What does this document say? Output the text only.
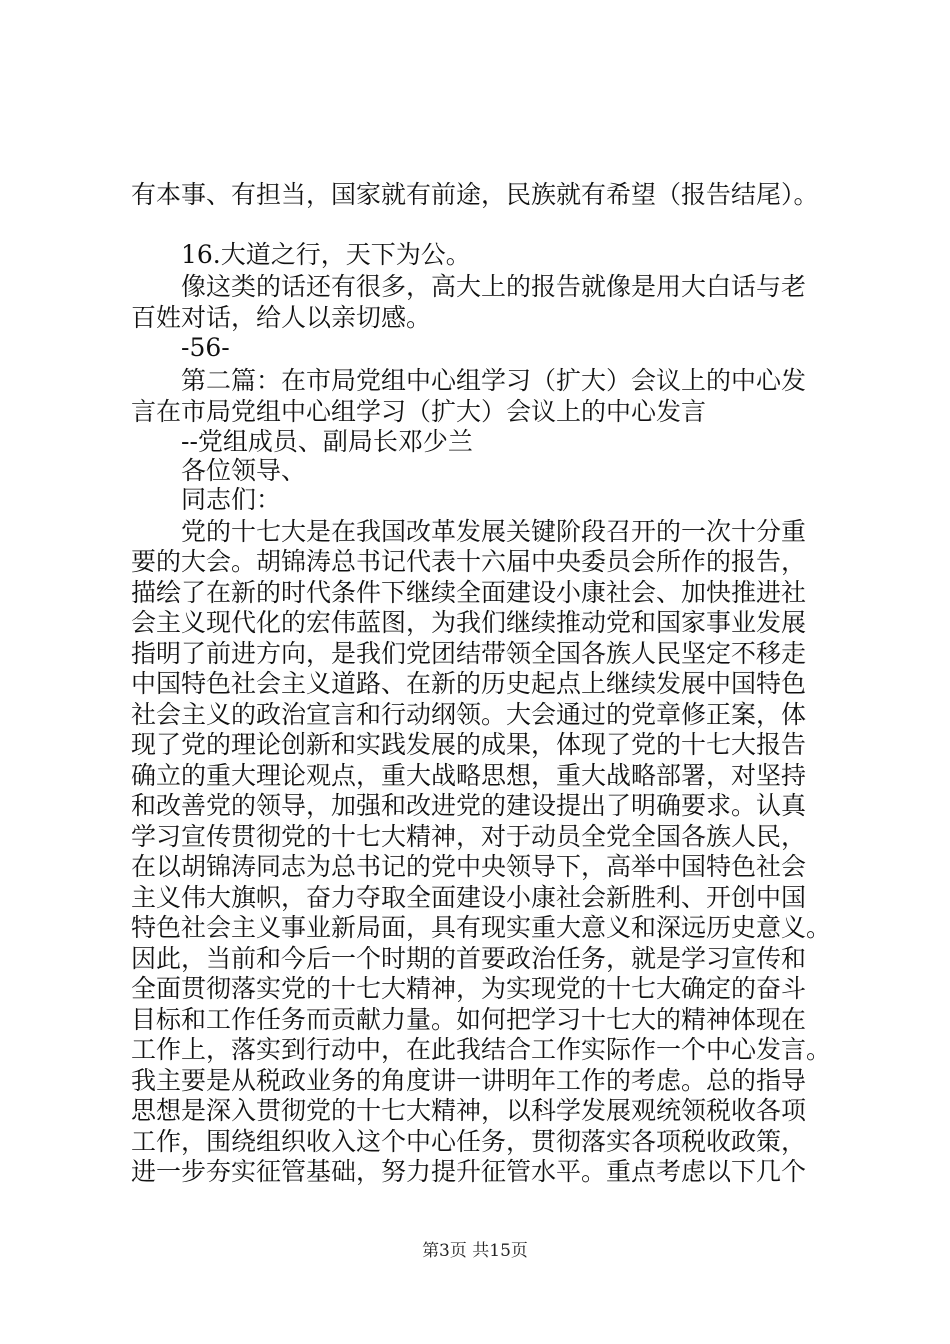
有本事、有担当，国家就有前途，民族就有希望（报告结尾）。
16.大道之行，天下为公。
像这类的话还有很多，高大上的报告就像是用大白话与老
百姓对话，给人以亲切感。
-56-
第二篇：在市局党组中心组学习（扩大）会议上的中心发
言在市局党组中心组学习（扩大）会议上的中心发言
--党组成员、副局长邓少兰
各位领导、
同志们：
党的十七大是在我国改革发展关键阶段召开的一次十分重
要的大会。胡锦涛总书记代表十六届中央委员会所作的报告，
描绘了在新的时代条件下继续全面建设小康社会、加快推进社
会主义现代化的宏伟蓝图，为我们继续推动党和国家事业发展
指明了前进方向，是我们党团结带领全国各族人民坚定不移走
中国特色社会主义道路、在新的历史起点上继续发展中国特色
社会主义的政治宣言和行动纲领。大会通过的党章修正案，体
现了党的理论创新和实践发展的成果，体现了党的十七大报告
确立的重大理论观点，重大战略思想，重大战略部署，对坚持
和改善党的领导，加强和改进党的建设提出了明确要求。认真
学习宣传贯彻党的十七大精神，对于动员全党全国各族人民，
在以胡锦涛同志为总书记的党中央领导下，高举中国特色社会
主义伟大旗帜，奋力夺取全面建设小康社会新胜利、开创中国
特色社会主义事业新局面，具有现实重大意义和深远历史意义。
因此，当前和今后一个时期的首要政治任务，就是学习宣传和
全面贯彻落实党的十七大精神，为实现党的十七大确定的奋斗
目标和工作任务而贡献力量。如何把学习十七大的精神体现在
工作上，落实到行动中，在此我结合工作实际作一个中心发言。
我主要是从税政业务的角度讲一讲明年工作的考虑。总的指导
思想是深入贯彻党的十七大精神，以科学发展观统领税收各项
工作，围绕组织收入这个中心任务，贯彻落实各项税收政策，
进一步夯实征管基础，努力提升征管水平。重点考虑以下几个
第3页 共15页
